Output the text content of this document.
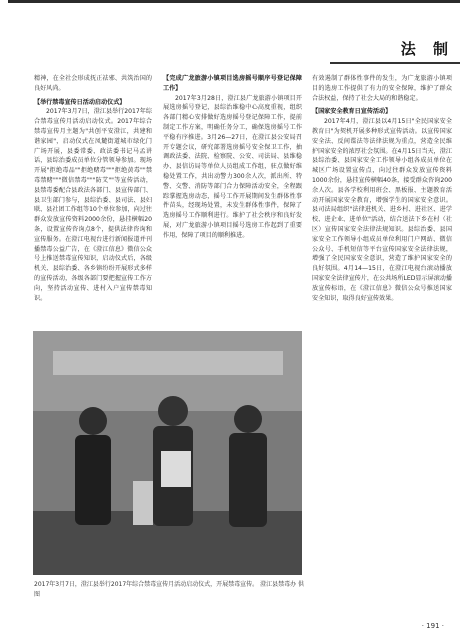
法 制

精神，在全社会形成抚正祛邪、共筑治国的良好风尚。

【举行禁毒宣传日活动启动仪式】

2017年3月7日，澄江县举行2017年综合禁毒宣传月活动启动仪式。2017年综合禁毒宣传月主题为"共创平安澄江，共建和谐家园"，启动仪式在凤麓街道城市绿化门广场开展，县委常委、政法委书记马孟讲话，县综治委成员单位分管领导参加。现场开展"拒绝毒品""拒绝赌毒"""拒绝黄毒""禁毒禁赌"""微信禁毒"""防艾""等宣传活动，县禁毒委配合县政法各部门、县宣传部门、县卫生部门参与，县综治委、县司法、县妇联、县社团工作组等10个单位参加，向过往群众发放宣传资料2000余份，悬挂横幅20条，设置宣传咨询点8个，提供法律咨询和宣传服务。在澄江电视台进行新闻报道并刊播禁毒公益广告，在《澄江信息》微信公众号上推送禁毒宣传知识，启动仪式后，各级机关、县综治委、各乡镇纷纷开展形式多样的宣传活动，各级各部门要把握宣传工作方向，坚持活动宣传、进村入户宣传禁毒知识。

【完成广龙旅游小镇项目选房摇号顺序号登记保障工作】

2017年3月28日，澄江县广龙旅游小镇项目开展选房摇号登记，县综治维稳中心高度重视，组织各部门精心安排做好选房摇号登记保障工作，提前制定工作方案，明确任务分工，确保选房摇号工作平稳有序推进。3月26—27日，在澄江县公安局召开专题会议，研究部署选房摇号安全保卫工作，抽调政法委、法院、检察院、公安、司法局、县维稳办、县信访局等单位人员组成工作组，驻点做好维稳处置工作，共出动警力300余人次，派出所、特警、交警、消防等部门合力保障活动安全，全程跟踪掌握选房动态，摇号工作开展期间发生群体性事件苗头，经现场处置，未发生群体性事件，保障了选房摇号工作顺利进行。维护了社会秩序和良好发展，对广龙旅游小镇项目摇号选房工作起到了重要作用，保障了项目的顺利推进。

有效遏制了群体性事件的发生，为广龙旅游小镇项目的选房工作提供了有力的安全保障，维护了群众合法权益，保持了社会大局的和谐稳定。

【国家安全教育日宣传活动】

2017年4月，澄江县以4月15日"全民国家安全教育日"为契机开展多种形式宣传活动。以宣传国家安全法、反间谍法等法律法规为重点，营造全民维护国家安全的浓厚社会氛围。在4月15日当天，澄江县综治委、县国家安全工作领导小组各成员单位在城区广场设置宣传点，向过往群众发放宣传资料1000余份，悬挂宣传横幅40条，接受群众咨询200余人次。县各学校利用班会、黑板报、主题教育活动开展国家安全教育，增强学生的国家安全意识。县司法局组织"法律进机关、进乡村、进社区、进学校、进企业、进单位"活动，结合送法下乡在村（社区）宣传国家安全法律法规知识。县综治委、县国家安全工作领导小组成员单位利用门户网站、微信公众号、手机短信等平台宣传国家安全法律法规，增强了全民国家安全意识，营造了维护国家安全的良好氛围。4月14—15日，在澄江电视台滚动播放国家安全法律宣传片，在公共场所LED显示屏滚动播放宣传标语，在《澄江信息》微信公众号推送国家安全知识，取得良好宣传效果。

2017年3月7日，澄江县举行2017年综合禁毒宣传月活动启动仪式，开展禁毒宣传。 澄江县禁毒办 供图
· 191 ·
